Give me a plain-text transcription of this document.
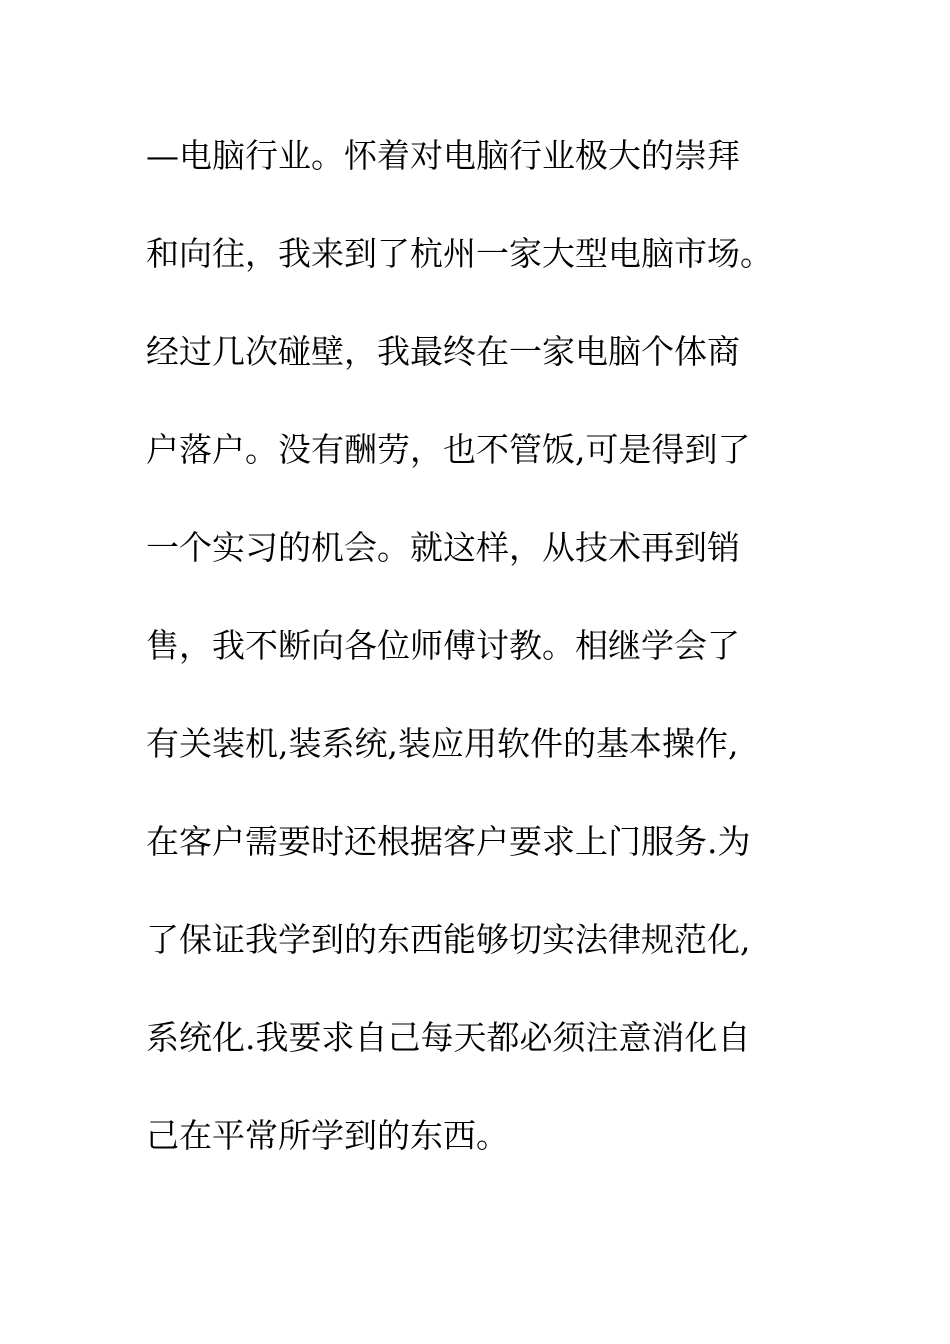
—电脑行业。怀着对电脑行业极大的崇拜
和向往，我来到了杭州一家大型电脑市场。
经过几次碰壁，我最终在一家电脑个体商
户落户。没有酬劳，也不管饭,可是得到了
一个实习的机会。就这样，从技术再到销
售，我不断向各位师傅讨教。相继学会了
有关装机,装系统,装应用软件的基本操作,
在客户需要时还根据客户要求上门服务.为
了保证我学到的东西能够切实法律规范化,
系统化.我要求自己每天都必须注意消化自
己在平常所学到的东西。
